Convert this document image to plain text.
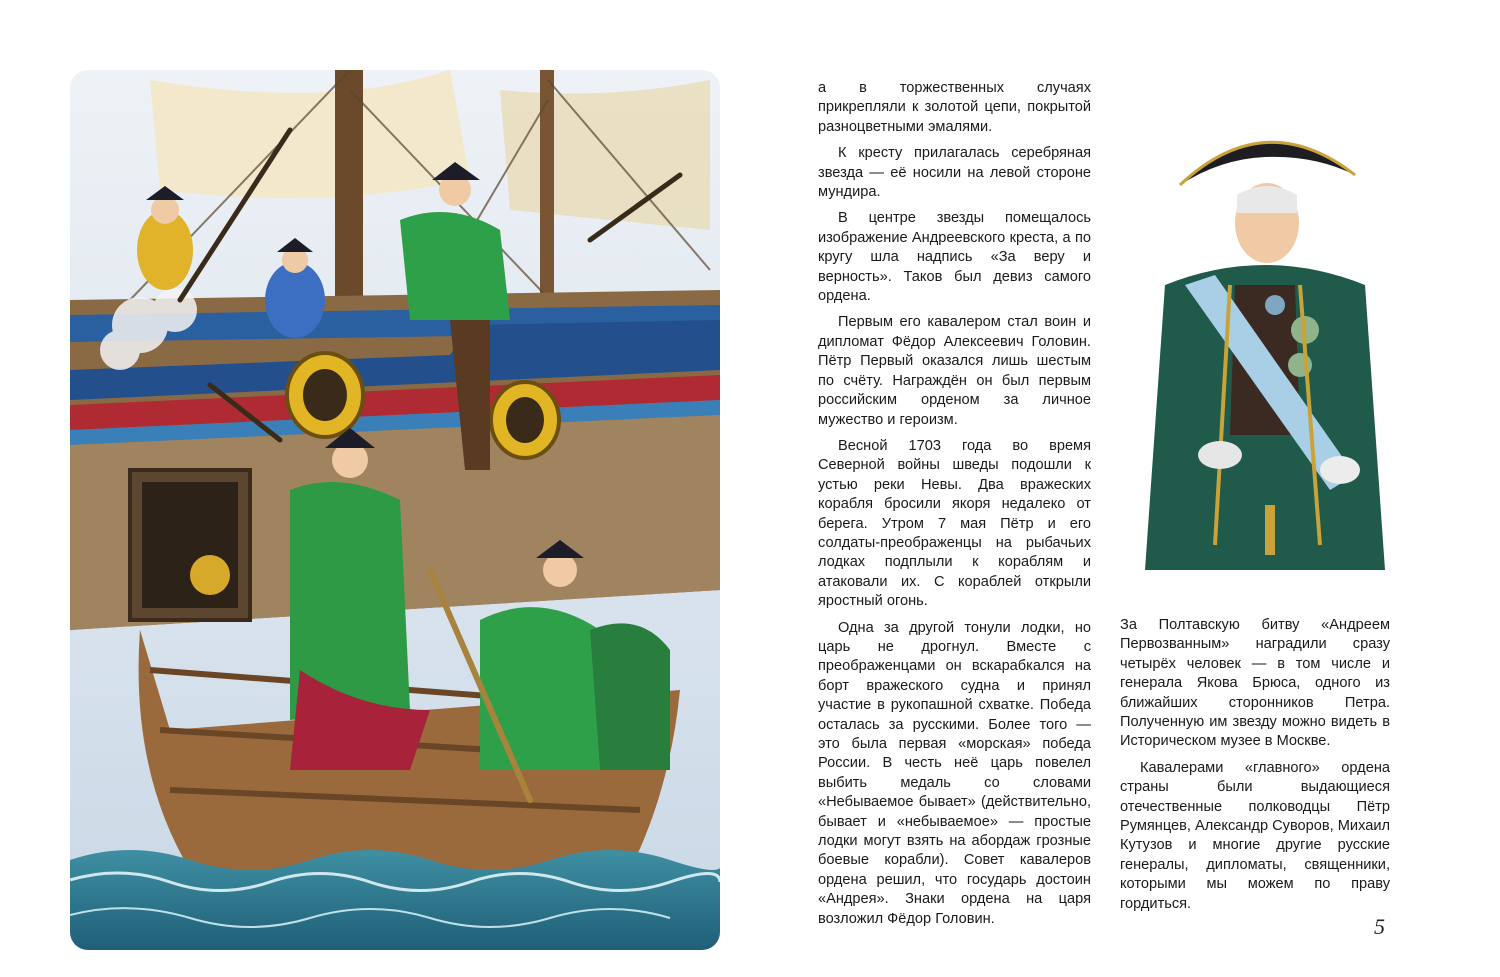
а в торжественных случаях прикрепляли к золотой цепи, покрытой разноцветными эмалями.

К кресту прилагалась серебряная звезда — её носили на левой стороне мундира.

В центре звезды помещалось изображение Андреевского креста, а по кругу шла надпись «За веру и верность». Таков был девиз самого ордена.

Первым его кавалером стал воин и дипломат Фёдор Алексеевич Головин. Пётр Первый оказался лишь шестым по счёту. Награждён он был первым российским орденом за личное мужество и героизм.

Весной 1703 года во время Северной войны шведы подошли к устью реки Невы. Два вражеских корабля бросили якоря недалеко от берега. Утром 7 мая Пётр и его солдаты-преображенцы на рыбачьих лодках подплыли к кораблям и атаковали их. С кораблей открыли яростный огонь.

Одна за другой тонули лодки, но царь не дрогнул. Вместе с преображенцами он вскарабкался на борт вражеского судна и принял участие в рукопашной схватке. Победа осталась за русскими. Более того — это была первая «морская» победа России. В честь неё царь повелел выбить медаль со словами «Небываемое бывает» (действительно, бывает и «небываемое» — простые лодки могут взять на абордаж грозные боевые корабли). Совет кавалеров ордена решил, что государь достоин «Андрея». Знаки ордена на царя возложил Фёдор Головин.

За Полтавскую битву «Андреем Первозванным» наградили сразу четырёх человек — в том числе и генерала Якова Брюса, одного из ближайших сторонников Петра. Полученную им звезду можно видеть в Историческом музее в Москве.

Кавалерами «главного» ордена страны были выдающиеся отечественные полководцы Пётр Румянцев, Александр Суворов, Михаил Кутузов и многие другие русские генералы, дипломаты, священники, которыми мы можем по праву гордиться.

5
